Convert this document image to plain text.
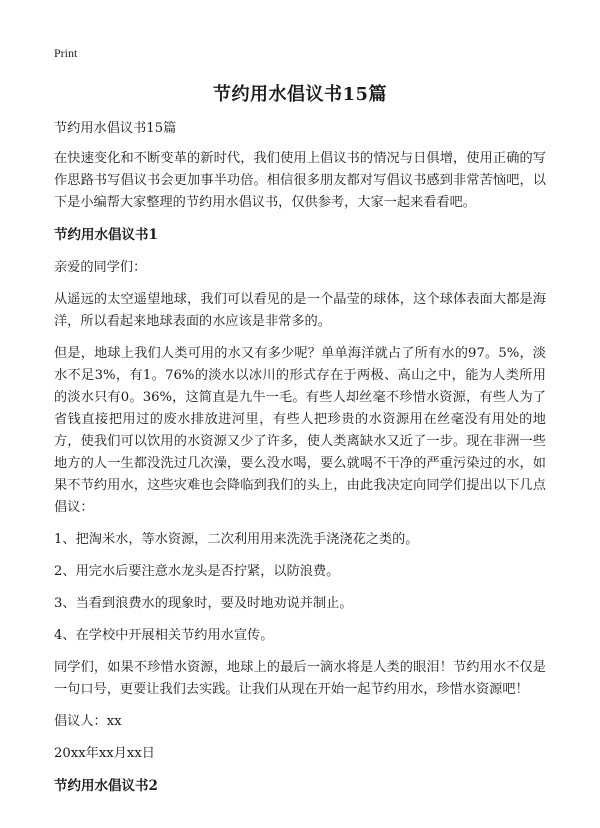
Print
节约用水倡议书15篇

节约用水倡议书15篇

在快速变化和不断变革的新时代，我们使用上倡议书的情况与日俱增，使用正确的写作思路书写倡议书会更加事半功倍。相信很多朋友都对写倡议书感到非常苦恼吧，以下是小编帮大家整理的节约用水倡议书，仅供参考，大家一起来看看吧。

节约用水倡议书1

亲爱的同学们：

从遥远的太空遥望地球，我们可以看见的是一个晶莹的球体，这个球体表面大都是海洋，所以看起来地球表面的水应该是非常多的。

但是，地球上我们人类可用的水又有多少呢？单单海洋就占了所有水的97。5%，淡水不足3%，有1。76%的淡水以冰川的形式存在于两极、高山之中，能为人类所用的淡水只有0。36%，这简直是九牛一毛。有些人却丝毫不珍惜水资源，有些人为了省钱直接把用过的废水排放进河里，有些人把珍贵的水资源用在丝毫没有用处的地方，使我们可以饮用的水资源又少了许多，使人类离缺水又近了一步。现在非洲一些地方的人一生都没洗过几次澡，要么没水喝，要么就喝不干净的严重污染过的水，如果不节约用水，这些灾难也会降临到我们的头上，由此我决定向同学们提出以下几点倡议：

1、把淘米水，等水资源，二次利用用来洗洗手浇浇花之类的。

2、用完水后要注意水龙头是否拧紧，以防浪费。

3、当看到浪费水的现象时，要及时地劝说并制止。

4、在学校中开展相关节约用水宣传。

同学们，如果不珍惜水资源，地球上的最后一滴水将是人类的眼泪！节约用水不仅是一句口号，更要让我们去实践。让我们从现在开始一起节约用水，珍惜水资源吧！

倡议人：xx

20xx年xx月xx日

节约用水倡议书2
